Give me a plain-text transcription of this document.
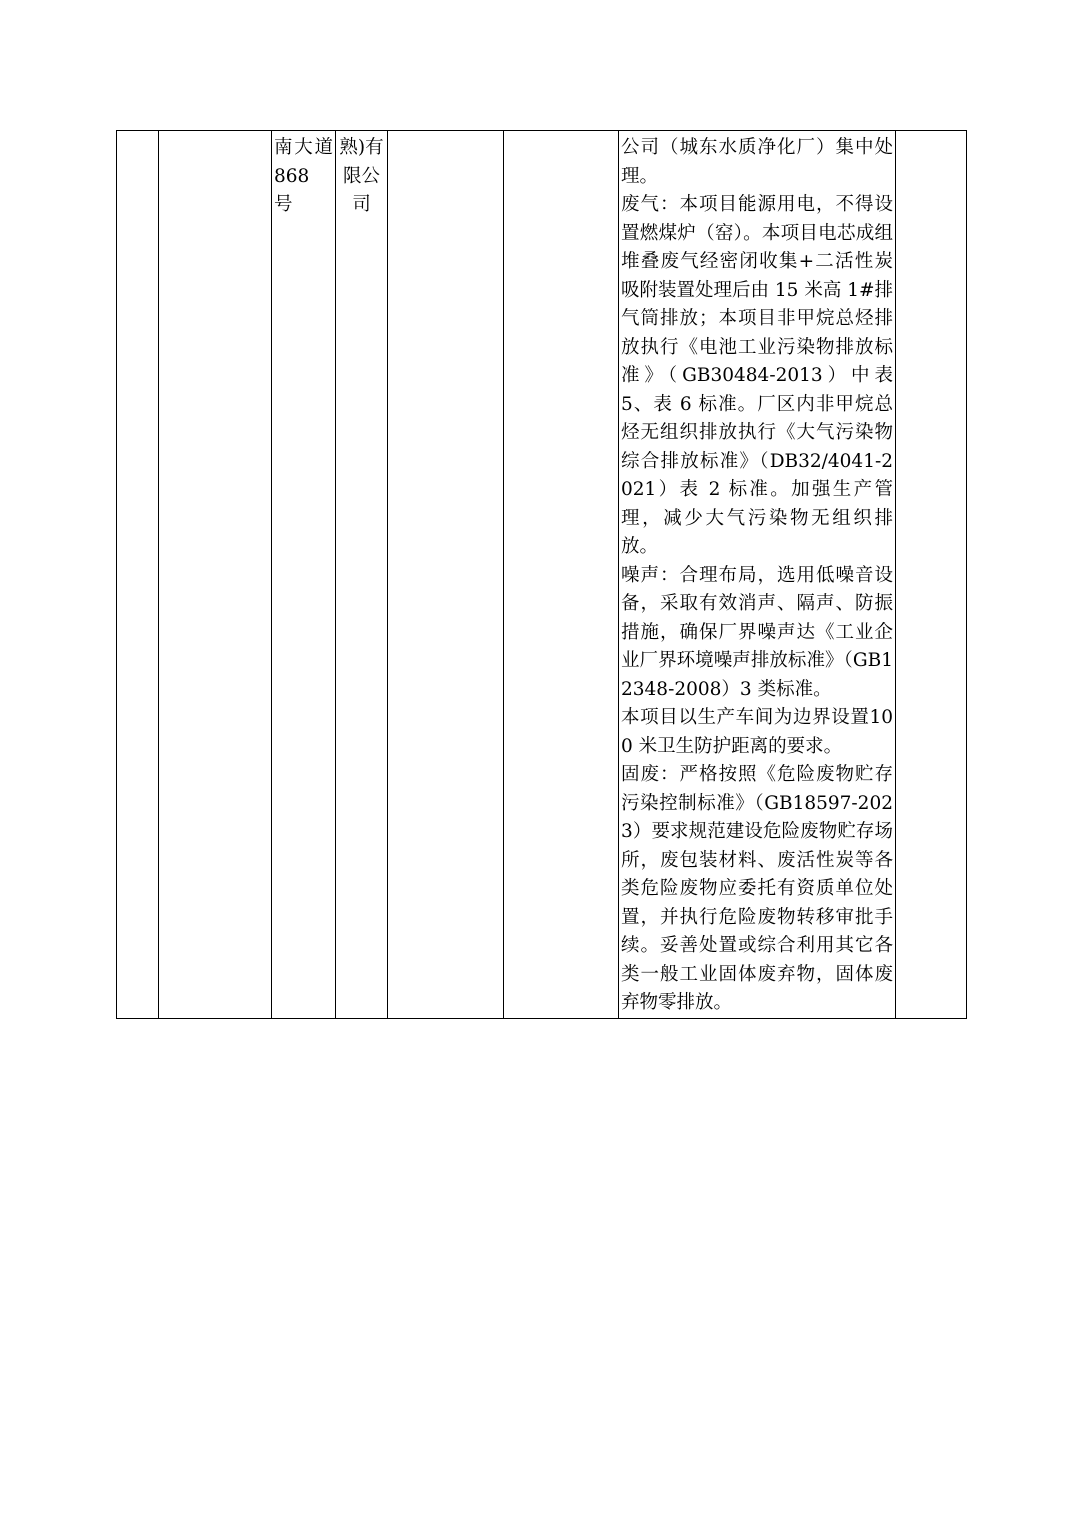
		南大道868 号	熟)有限公司			
公司（城东水质净化厂）集中处理。
废气：本项目能源用电，不得设置燃煤炉（窑）。本项目电芯成组堆叠废气经密闭收集+二活性炭吸附装置处理后由 15 米高 1#排气筒排放；本项目非甲烷总烃排放执行《电池工业污染物排放标准》（GB30484-2013）中表 5、表 6 标准。厂区内非甲烷总烃无组织排放执行《大气污染物综合排放标准》（DB32/4041-2021）表 2 标准。加强生产管理，减少大气污染物无组织排放。
噪声：合理布局，选用低噪音设备，采取有效消声、隔声、防振措施，确保厂界噪声达《工业企业厂界环境噪声排放标准》（GB12348-2008）3 类标准。
本项目以生产车间为边界设置100 米卫生防护距离的要求。
固废：严格按照《危险废物贮存污染控制标准》（GB18597-2023）要求规范建设危险废物贮存场所，废包装材料、废活性炭等各类危险废物应委托有资质单位处置，并执行危险废物转移审批手续。妥善处置或综合利用其它各类一般工业固体废弃物，固体废弃物零排放。
